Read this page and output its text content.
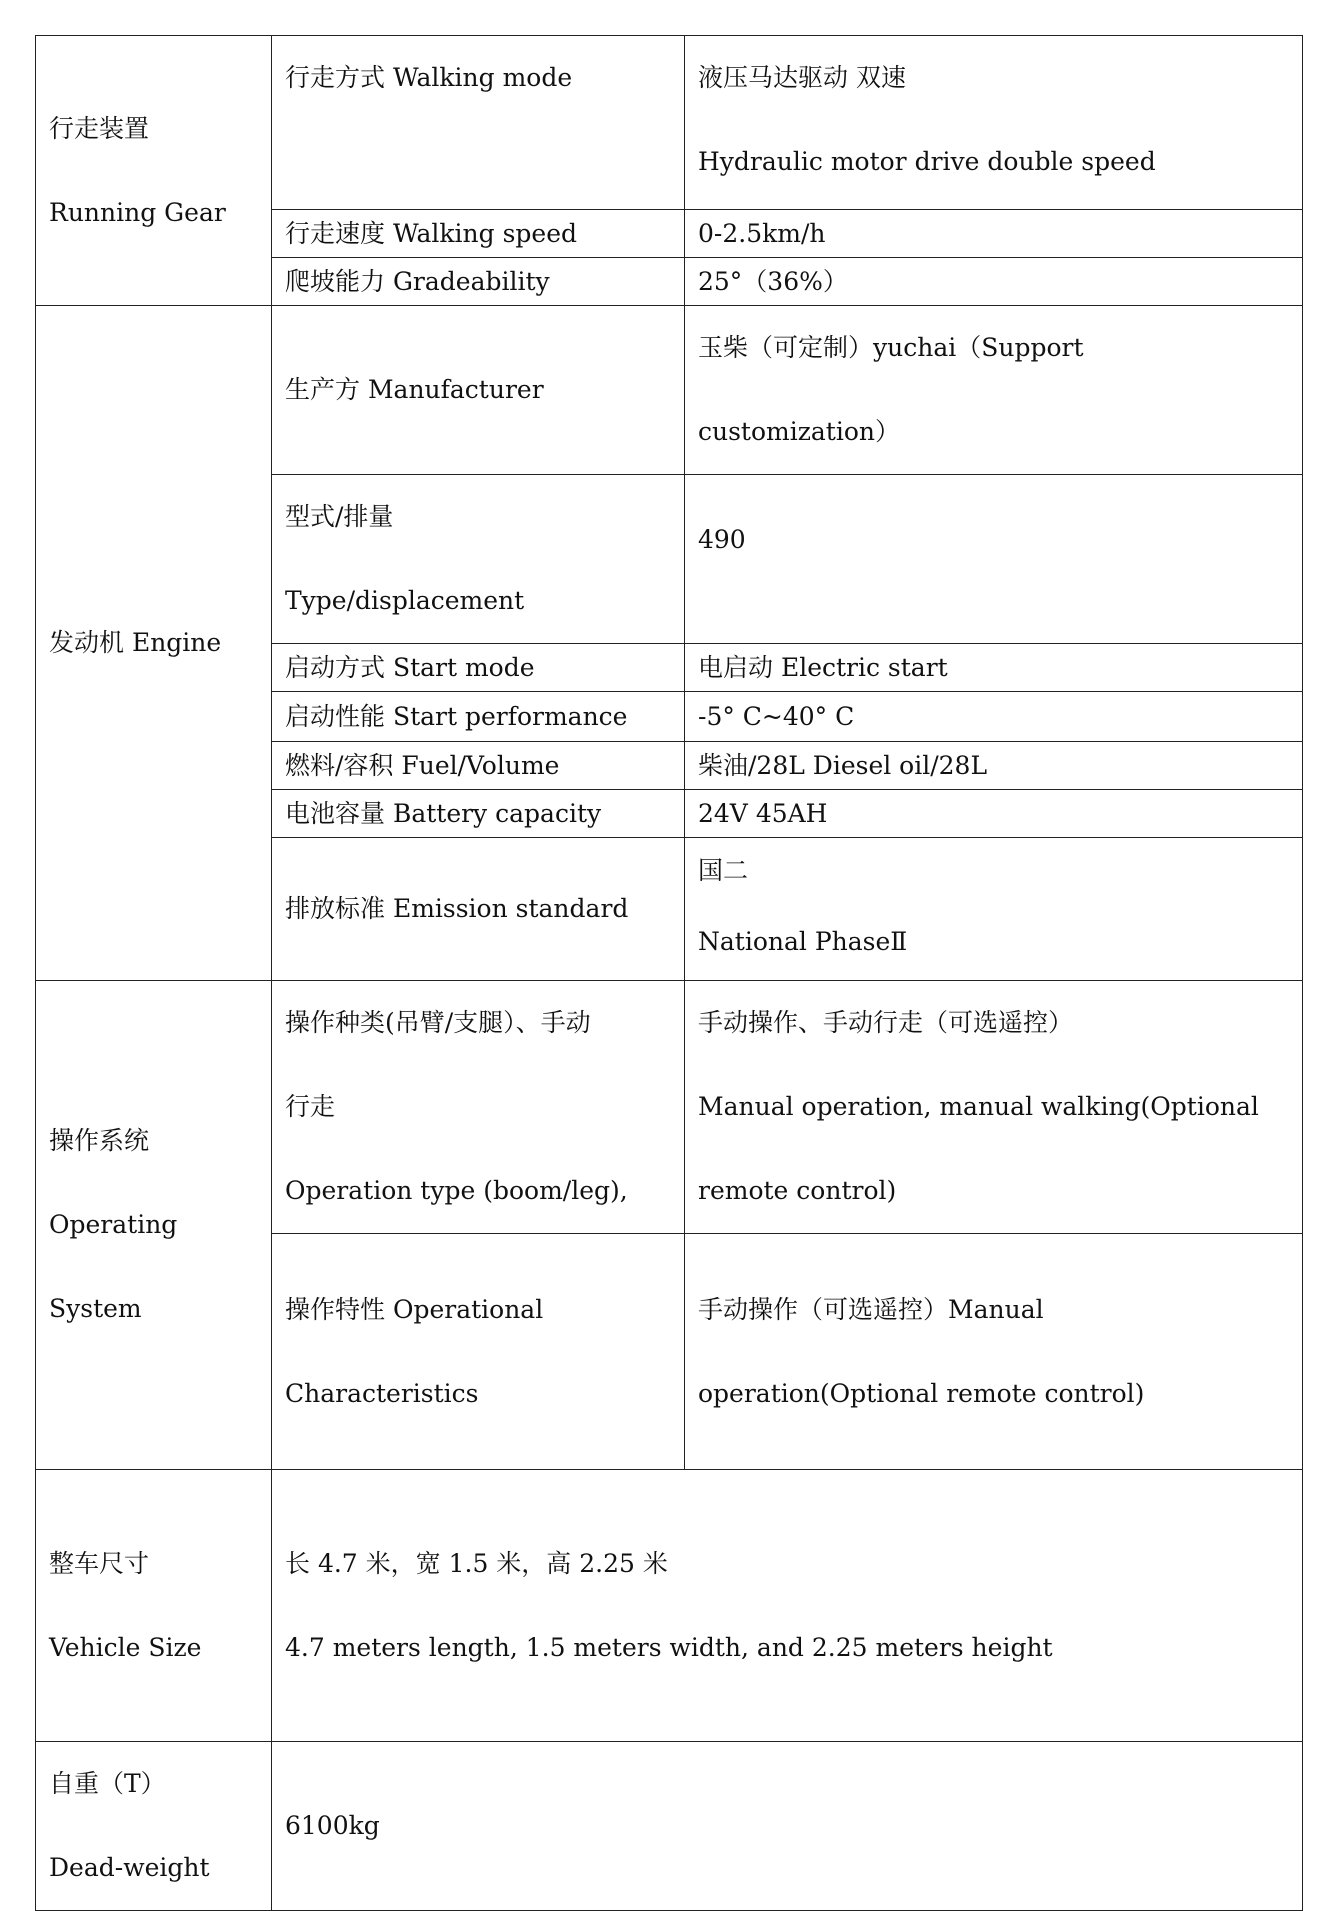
行走装置
Running Gear	行走方式 Walking mode	液压马达驱动 双速
Hydraulic motor drive double speed

	行走速度 Walking speed	0-2.5km/h

	爬坡能力 Gradeability	25°（36%）

发动机 Engine	生产方 Manufacturer	玉柴（可定制）yuchai（Support
customization）

	型式/排量
Type/displacement	490

	启动方式 Start mode	电启动 Electric start

	启动性能 Start performance	-5° C~40° C

	燃料/容积 Fuel/Volume	柴油/28L Diesel oil/28L

	电池容量 Battery capacity	24V 45AH

	排放标准 Emission standard	国二
National PhaseⅡ

操作系统
Operating
System	操作种类(吊臂/支腿）、手动
行走
Operation type (boom/leg),	手动操作、手动行走（可选遥控）
Manual operation, manual walking(Optional
remote control)

	操作特性 Operational
Characteristics	手动操作（可选遥控）Manual
operation(Optional remote control)

整车尺寸
Vehicle Size	长 4.7 米，宽 1.5 米，高 2.25 米
4.7 meters length, 1.5 meters width, and 2.25 meters height	

自重（T）
Dead-weight	6100kg	
